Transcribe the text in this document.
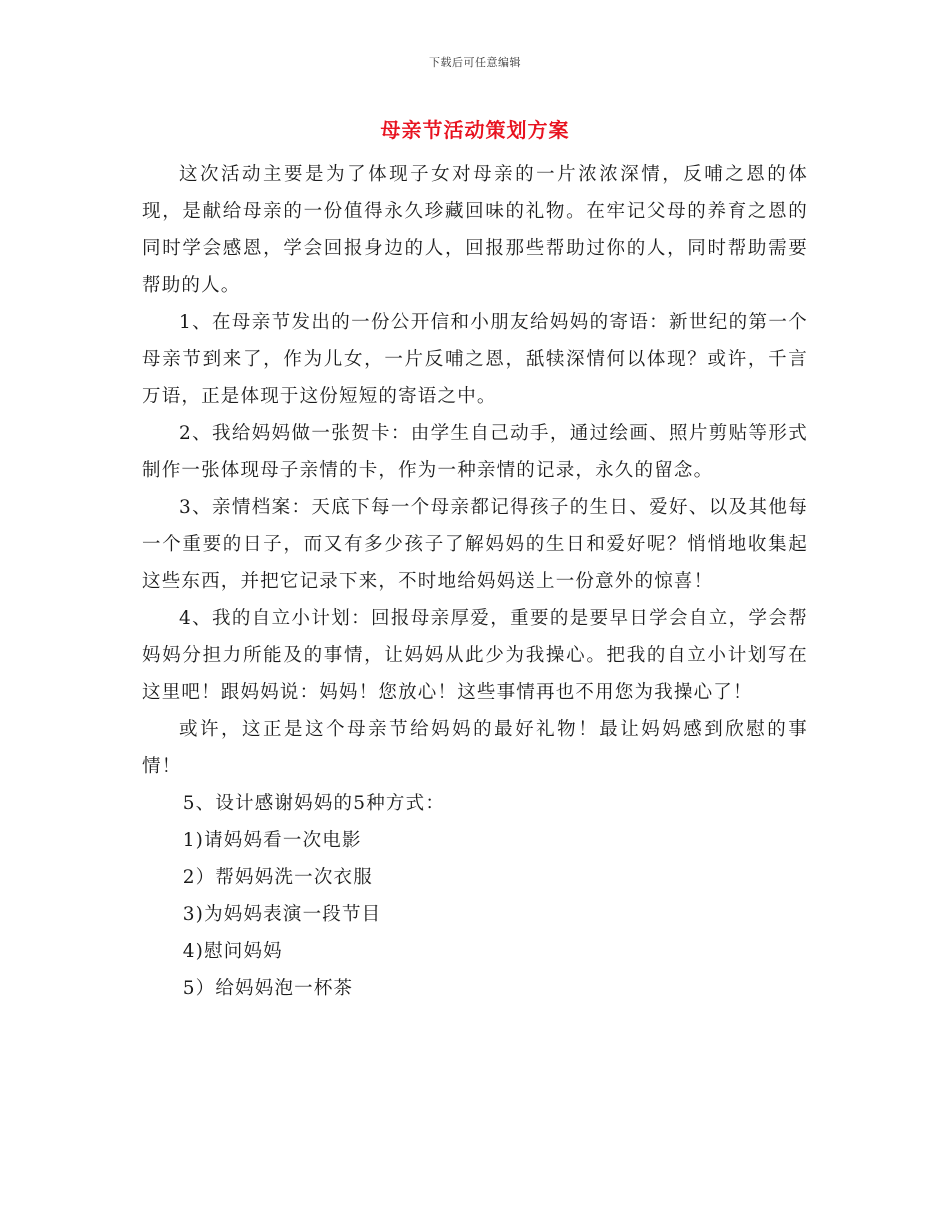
下载后可任意编辑
母亲节活动策划方案

这次活动主要是为了体现子女对母亲的一片浓浓深情，反哺之恩的体现，是献给母亲的一份值得永久珍藏回味的礼物。在牢记父母的养育之恩的同时学会感恩，学会回报身边的人，回报那些帮助过你的人，同时帮助需要帮助的人。

1、在母亲节发出的一份公开信和小朋友给妈妈的寄语：新世纪的第一个母亲节到来了，作为儿女，一片反哺之恩，舐犊深情何以体现？或许，千言万语，正是体现于这份短短的寄语之中。

2、我给妈妈做一张贺卡：由学生自己动手，通过绘画、照片剪贴等形式制作一张体现母子亲情的卡，作为一种亲情的记录，永久的留念。

3、亲情档案：天底下每一个母亲都记得孩子的生日、爱好、以及其他每一个重要的日子，而又有多少孩子了解妈妈的生日和爱好呢？悄悄地收集起这些东西，并把它记录下来，不时地给妈妈送上一份意外的惊喜！

4、我的自立小计划：回报母亲厚爱，重要的是要早日学会自立，学会帮妈妈分担力所能及的事情，让妈妈从此少为我操心。把我的自立小计划写在这里吧！跟妈妈说：妈妈！您放心！这些事情再也不用您为我操心了！

或许，这正是这个母亲节给妈妈的最好礼物！最让妈妈感到欣慰的事情！

5、设计感谢妈妈的5种方式：

1)请妈妈看一次电影

2）帮妈妈洗一次衣服

3)为妈妈表演一段节目

4)慰问妈妈

5）给妈妈泡一杯茶
